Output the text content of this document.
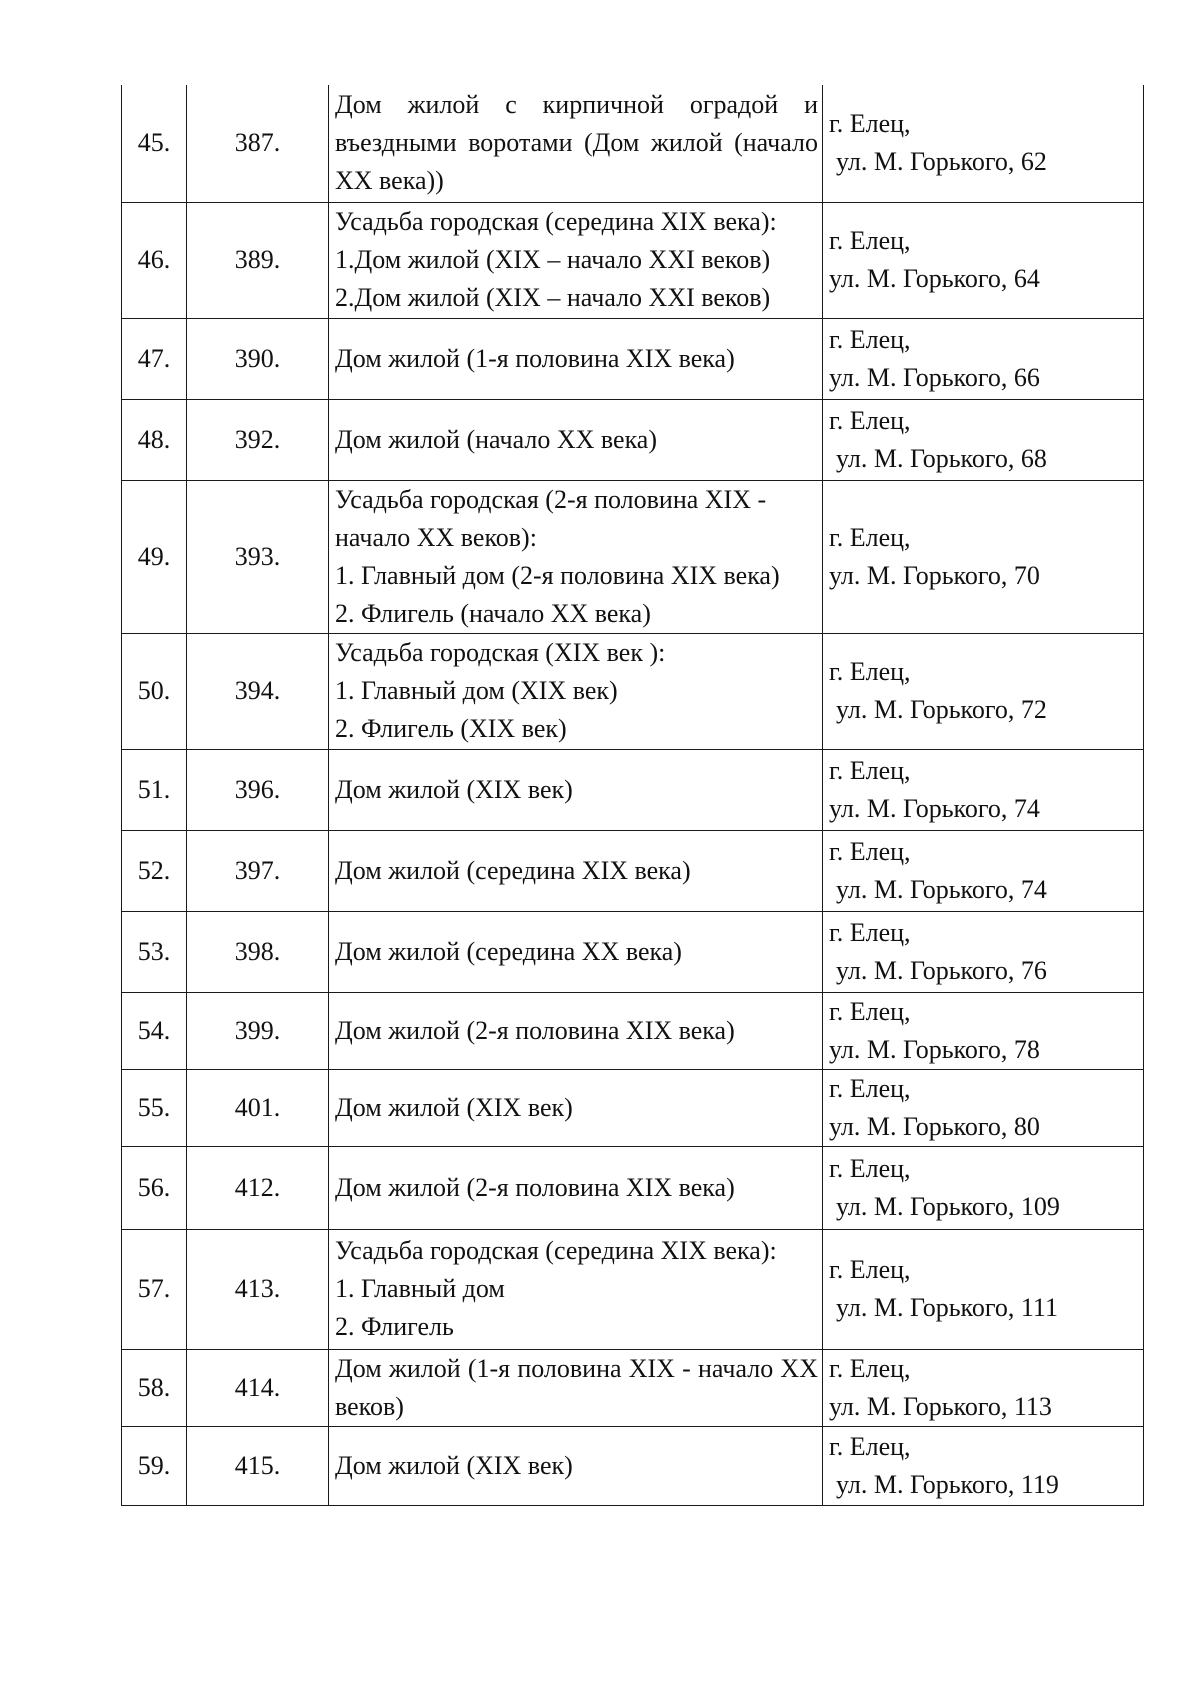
45.	387.	Дом жилой с кирпичной оградой и въездными воротами (Дом жилой (начало XX века))	г. Елец,
ул. М. Горького, 62

46.	389.	Усадьба городская (середина XIX века):
1.Дом жилой (XIX – начало XXI веков)
2.Дом жилой (XIX – начало XXI веков)	г. Елец,
ул. М. Горького, 64

47.	390.	Дом жилой (1-я половина XIX века)	г. Елец,
ул. М. Горького, 66

48.	392.	Дом жилой (начало XX века)	г. Елец,
ул. М. Горького, 68

49.	393.	Усадьба городская (2-я половина XIX -
начало XX веков):
1. Главный дом (2-я половина XIX века)
2. Флигель (начало XX века)	г. Елец,
ул. М. Горького, 70

50.	394.	Усадьба городская (XIX век ):
1. Главный дом (XIX век)
2. Флигель (XIX век)	г. Елец,
ул. М. Горького, 72

51.	396.	Дом жилой (XIX век)	г. Елец,
ул. М. Горького, 74

52.	397.	Дом жилой (середина XIX века)	г. Елец,
ул. М. Горького, 74

53.	398.	Дом жилой (середина XX века)	г. Елец,
ул. М. Горького, 76

54.	399.	Дом жилой (2-я половина XIX века)	г. Елец,
ул. М. Горького, 78

55.	401.	Дом жилой (XIX век)	г. Елец,
ул. М. Горького, 80

56.	412.	Дом жилой (2-я половина XIX века)	г. Елец,
ул. М. Горького, 109

57.	413.	Усадьба городская (середина XIX века):
1. Главный дом
2. Флигель	г. Елец,
ул. М. Горького, 111

58.	414.	Дом жилой (1-я половина XIX - начало XX веков)	г. Елец,
ул. М. Горького, 113

59.	415.	Дом жилой (XIX век)	г. Елец,
ул. М. Горького, 119
